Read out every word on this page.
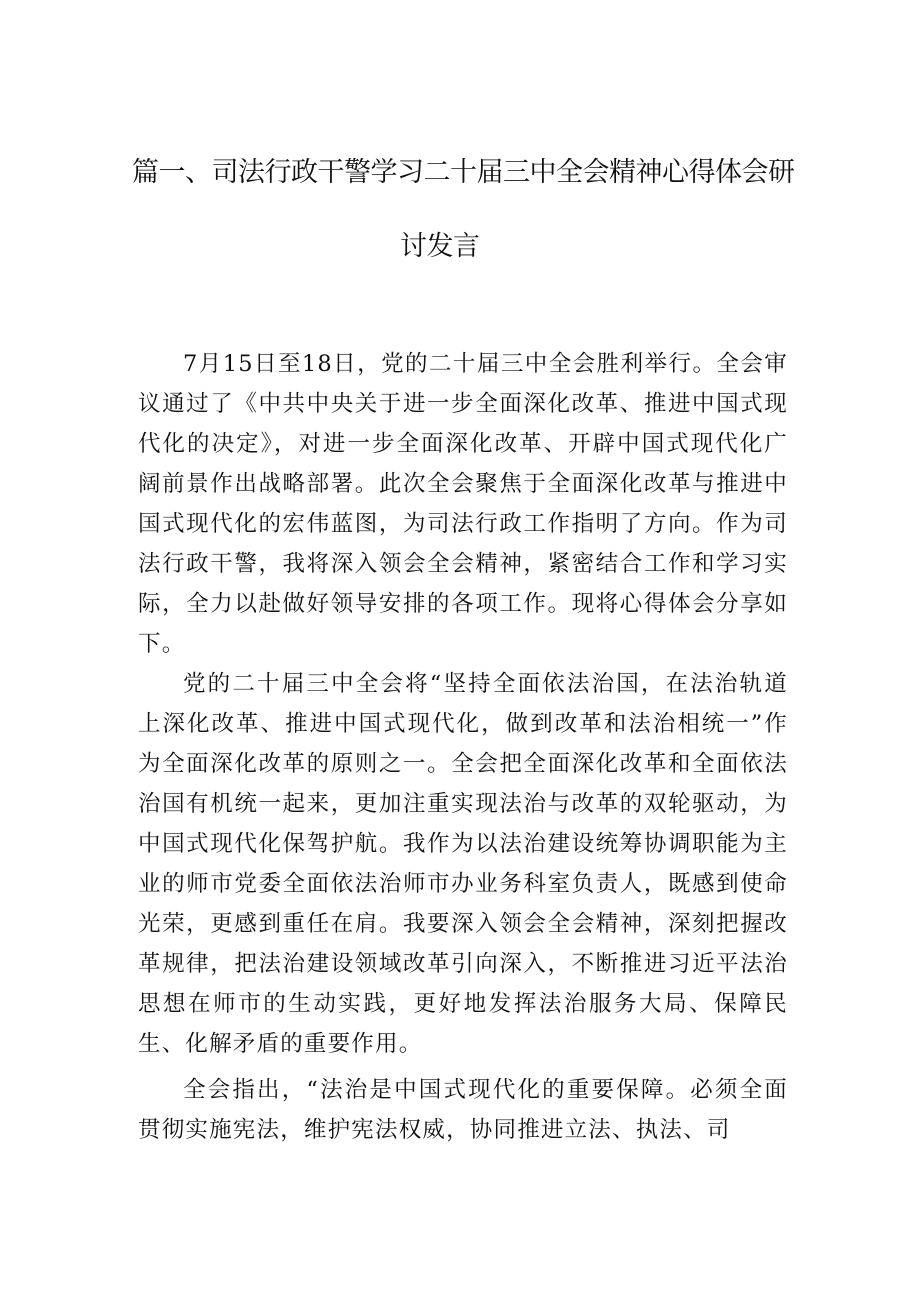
篇一、司法行政干警学习二十届三中全会精神心得体会研
讨发言

7月15日至18日，党的二十届三中全会胜利举行。全会审议通过了《中共中央关于进一步全面深化改革、推进中国式现代化的决定》，对进一步全面深化改革、开辟中国式现代化广阔前景作出战略部署。此次全会聚焦于全面深化改革与推进中国式现代化的宏伟蓝图，为司法行政工作指明了方向。作为司法行政干警，我将深入领会全会精神，紧密结合工作和学习实际，全力以赴做好领导安排的各项工作。现将心得体会分享如下。

党的二十届三中全会将“坚持全面依法治国，在法治轨道上深化改革、推进中国式现代化，做到改革和法治相统一”作为全面深化改革的原则之一。全会把全面深化改革和全面依法治国有机统一起来，更加注重实现法治与改革的双轮驱动，为中国式现代化保驾护航。我作为以法治建设统筹协调职能为主业的师市党委全面依法治师市办业务科室负责人，既感到使命光荣，更感到重任在肩。我要深入领会全会精神，深刻把握改革规律，把法治建设领域改革引向深入，不断推进习近平法治思想在师市的生动实践，更好地发挥法治服务大局、保障民生、化解矛盾的重要作用。

全会指出，“法治是中国式现代化的重要保障。必须全面贯彻实施宪法，维护宪法权威，协同推进立法、执法、司
